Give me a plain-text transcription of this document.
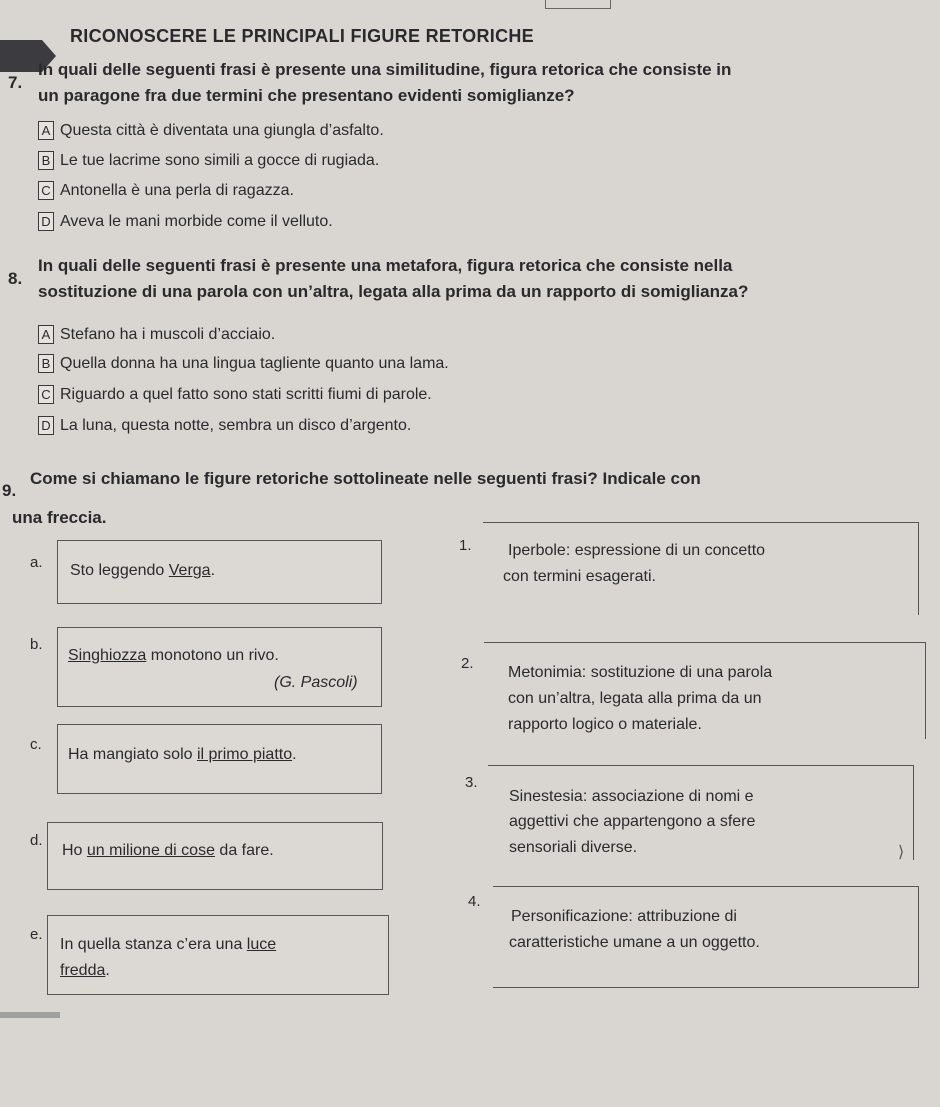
RICONOSCERE LE PRINCIPALI FIGURE RETORICHE
7.
In quali delle seguenti frasi è presente una similitudine, figura retorica che consiste in
un paragone fra due termini che presentano evidenti somiglianze?
A Questa città è diventata una giungla d’asfalto.
B Le tue lacrime sono simili a gocce di rugiada.
C Antonella è una perla di ragazza.
D Aveva le mani morbide come il velluto.
8.
In quali delle seguenti frasi è presente una metafora, figura retorica che consiste nella
sostituzione di una parola con un’altra, legata alla prima da un rapporto di somiglianza?
A Stefano ha i muscoli d’acciaio.
B Quella donna ha una lingua tagliente quanto una lama.
C Riguardo a quel fatto sono stati scritti fiumi di parole.
D La luna, questa notte, sembra un disco d’argento.
9.
Come si chiamano le figure retoriche sottolineate nelle seguenti frasi? Indicale con
una freccia.
a. Sto leggendo Verga.
b.
Singhiozza monotono un rivo.
(G. Pascoli)
c.
Ha mangiato solo il primo piatto.
d.
Ho un milione di cose da fare.
e.
In quella stanza c’era una luce
fredda.
1. Iperbole: espressione di un concetto
con termini esagerati.
2.
Metonimia: sostituzione di una parola
con un’altra, legata alla prima da un
rapporto logico o materiale.
3.
Sinestesia: associazione di nomi e
aggettivi che appartengono a sfere
sensoriali diverse.
4.
Personificazione: attribuzione di
caratteristiche umane a un oggetto.
⟩
